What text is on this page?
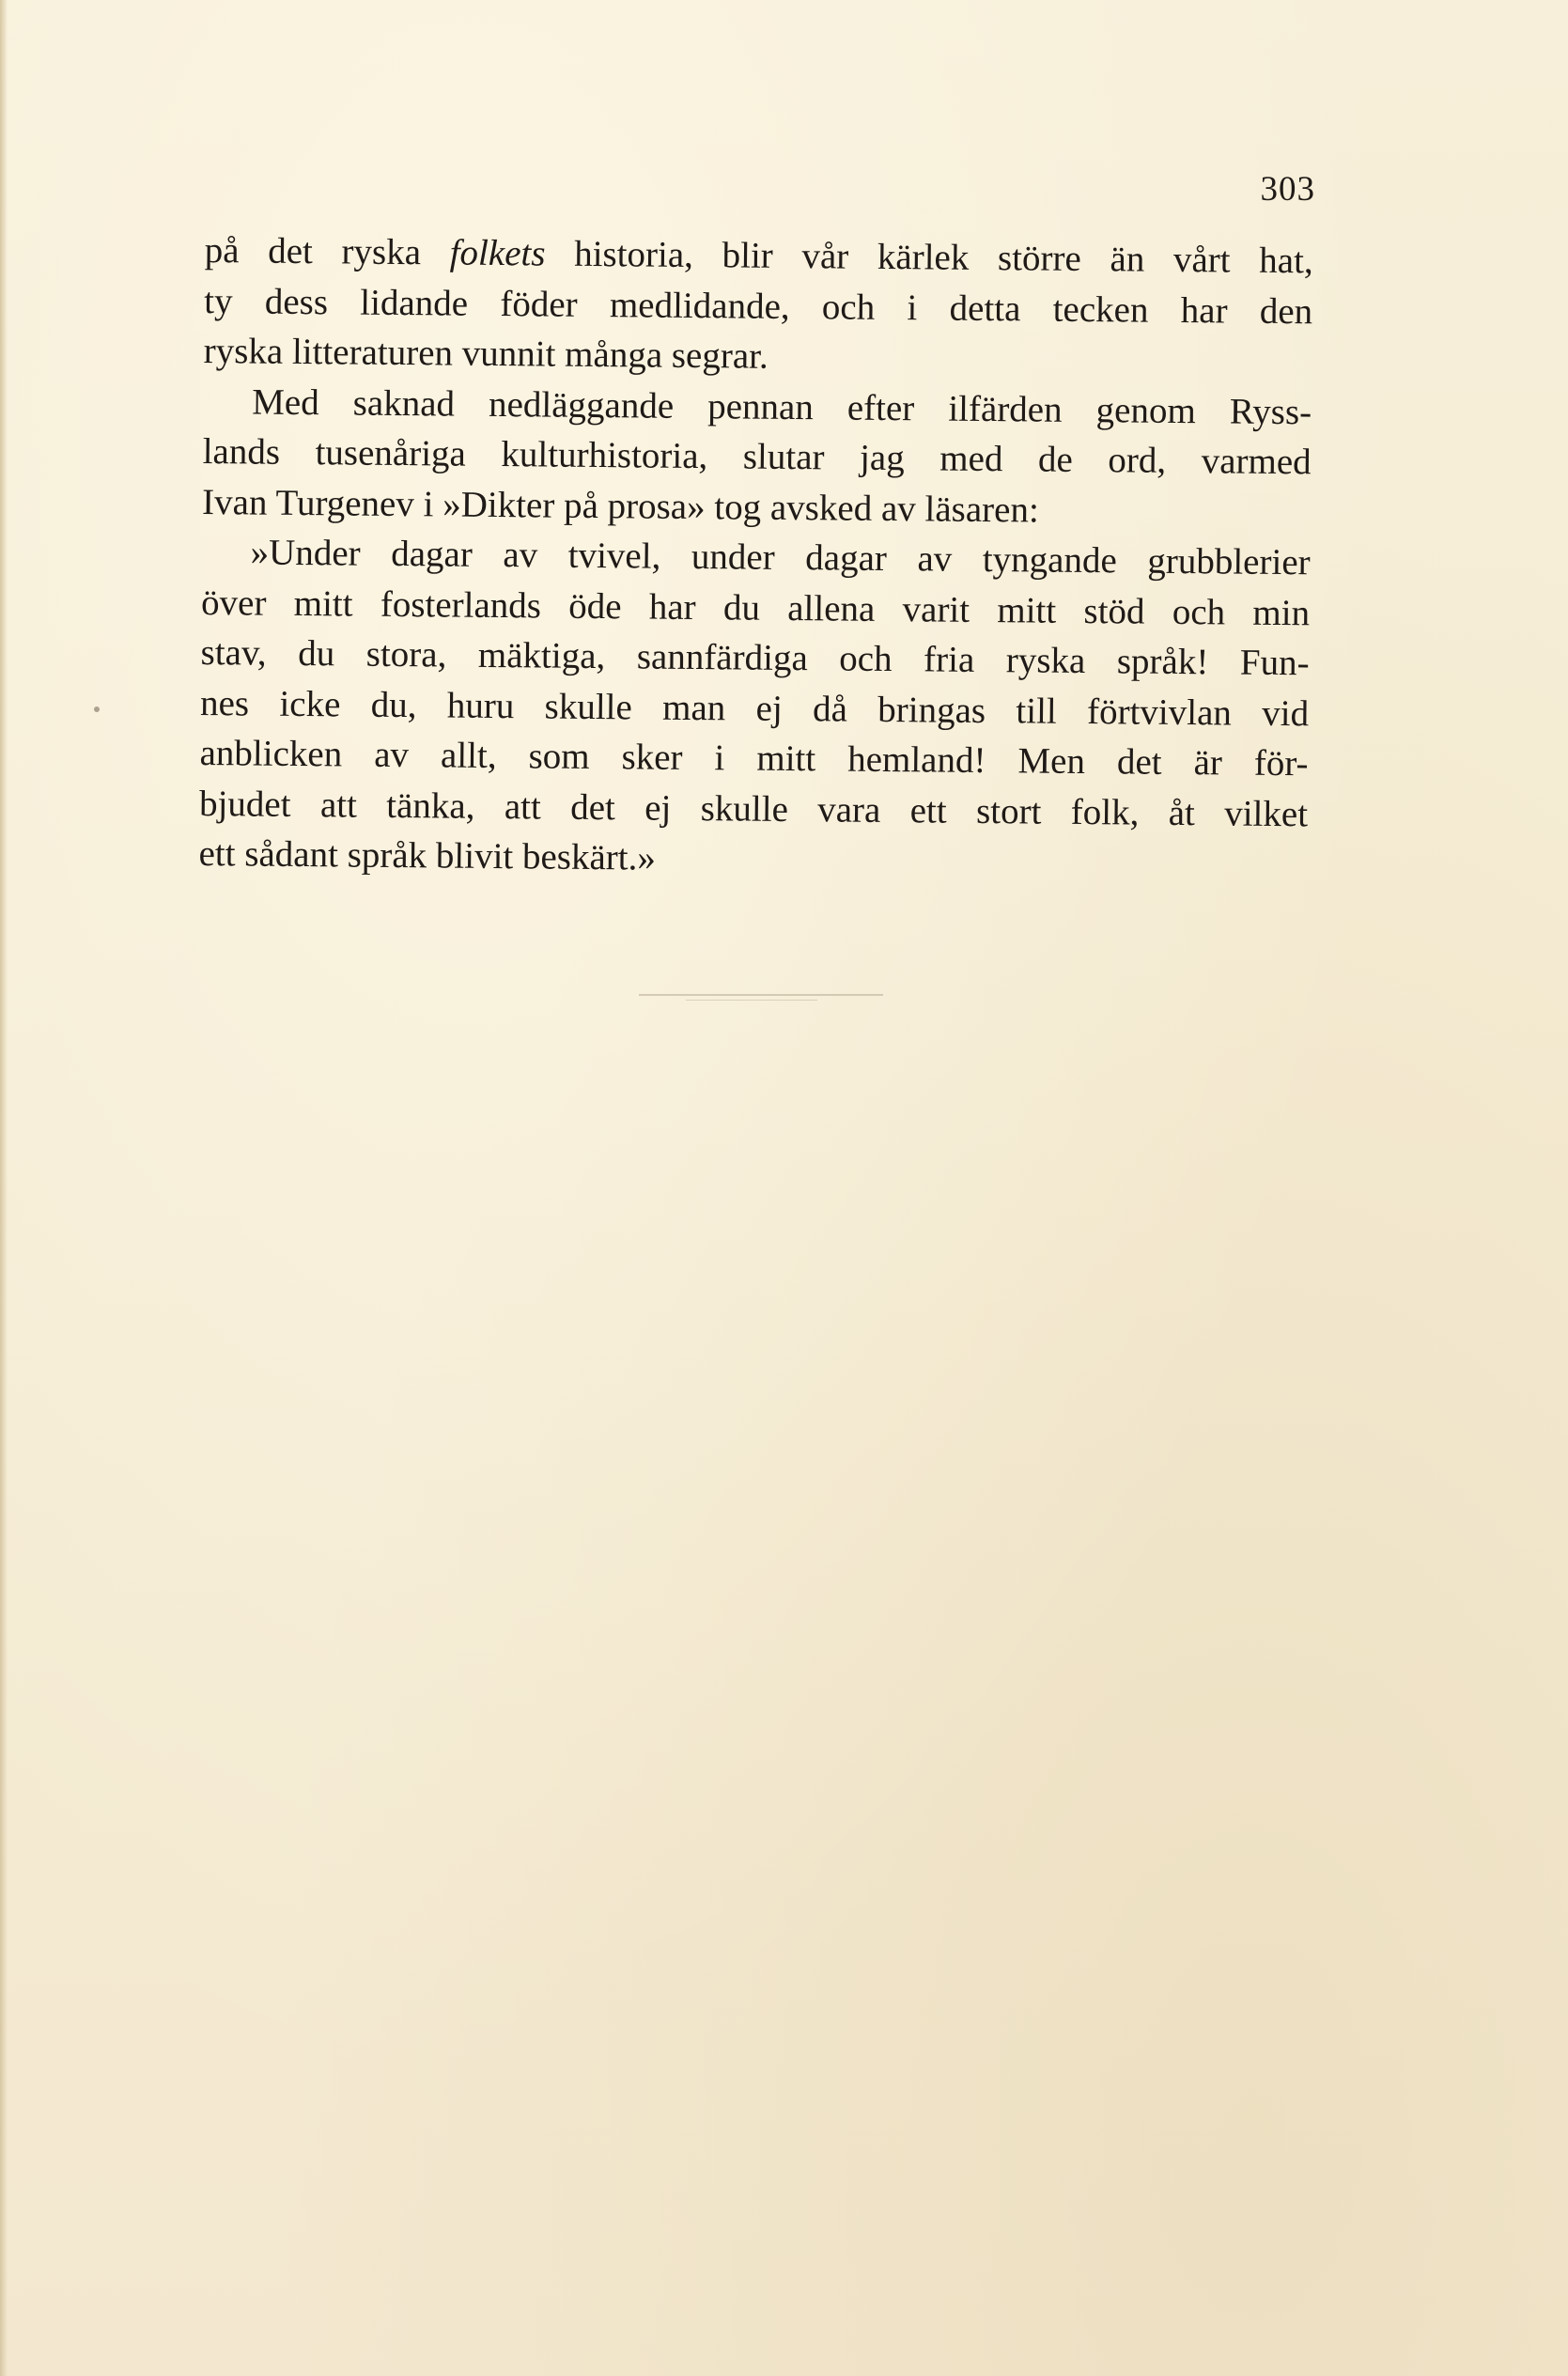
303
på det ryska folkets historia, blir vår kärlek större än vårt hat,
ty dess lidande föder medlidande, och i detta tecken har den
ryska litteraturen vunnit många segrar.
Med saknad nedläggande pennan efter ilfärden genom Ryss-
lands tusenåriga kulturhistoria, slutar jag med de ord, varmed
Ivan Turgenev i »Dikter på prosa» tog avsked av läsaren:
»Under dagar av tvivel, under dagar av tyngande grubblerier
över mitt fosterlands öde har du allena varit mitt stöd och min
stav, du stora, mäktiga, sannfärdiga och fria ryska språk! Fun-
nes icke du, huru skulle man ej då bringas till förtvivlan vid
anblicken av allt, som sker i mitt hemland! Men det är för-
bjudet att tänka, att det ej skulle vara ett stort folk, åt vilket
ett sådant språk blivit beskärt.»
